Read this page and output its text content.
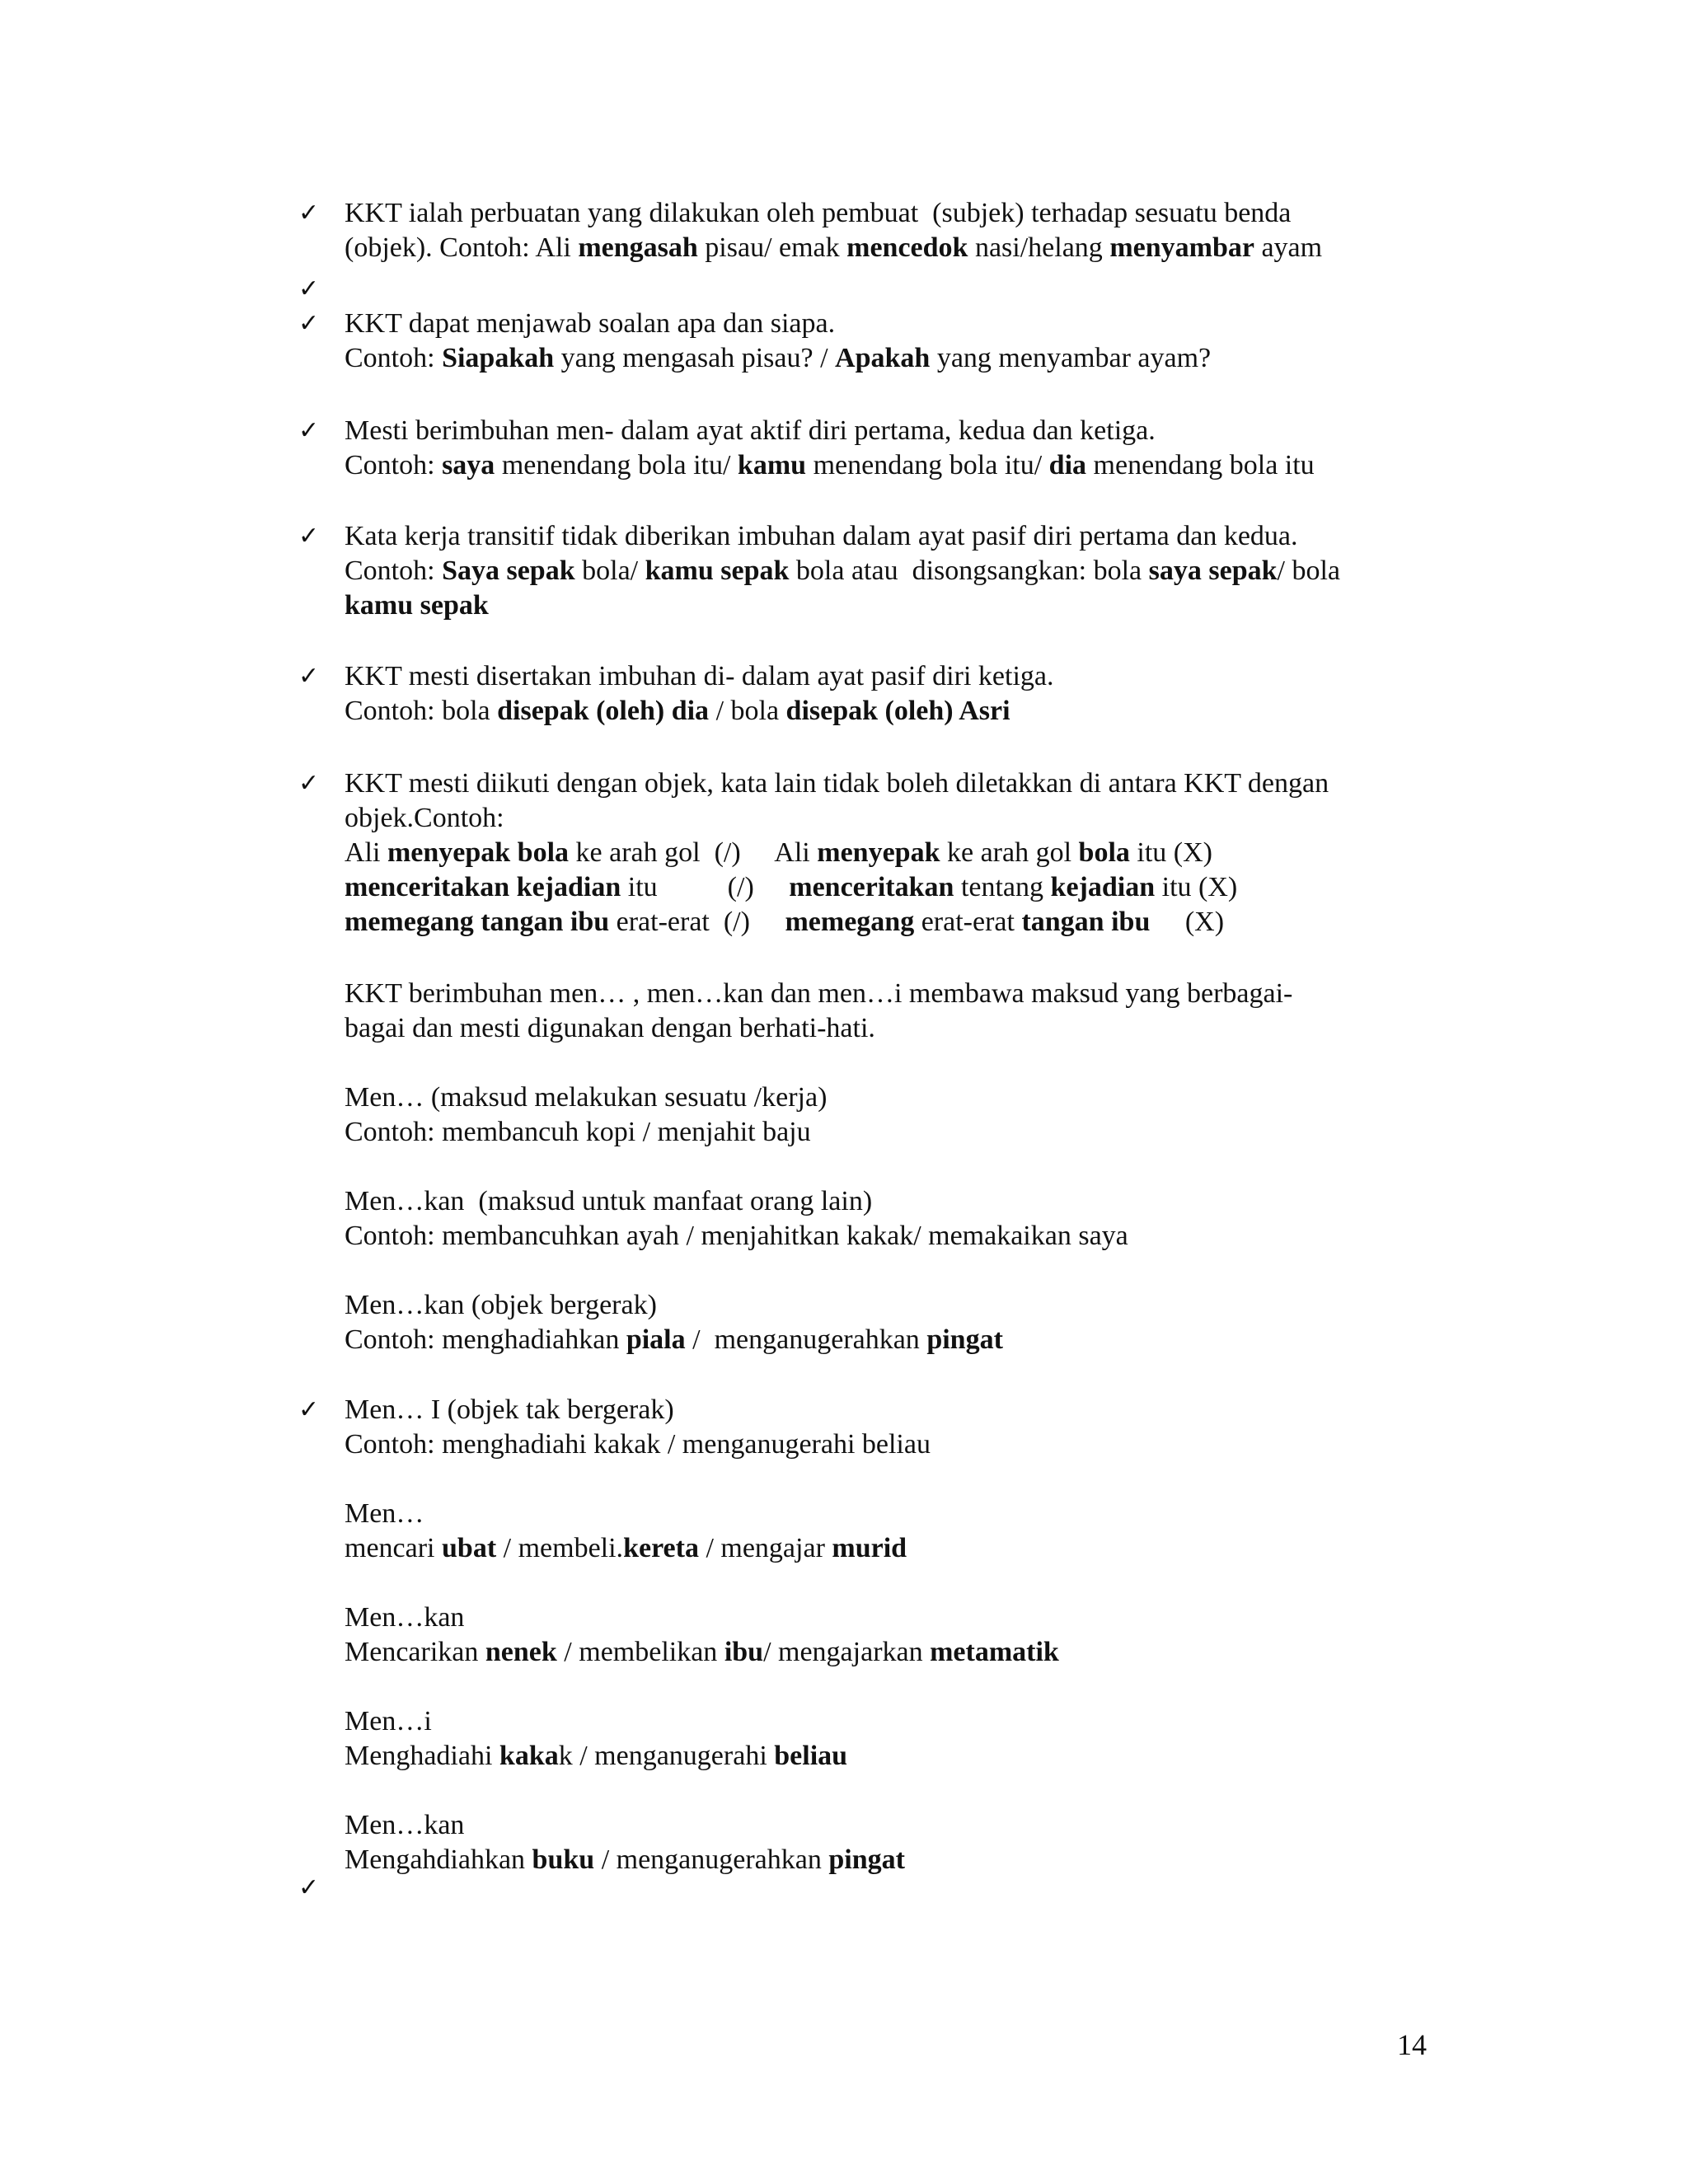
✓ KKT ialah perbuatan yang dilakukan oleh pembuat  (subjek) terhadap sesuatu benda
(objek). Contoh: Ali mengasah pisau/ emak mencedok nasi/helang menyambar ayam
✓
✓ KKT dapat menjawab soalan apa dan siapa.
Contoh: Siapakah yang mengasah pisau? / Apakah yang menyambar ayam?
✓ Mesti berimbuhan men- dalam ayat aktif diri pertama, kedua dan ketiga.
Contoh: saya menendang bola itu/ kamu menendang bola itu/ dia menendang bola itu
✓ Kata kerja transitif tidak diberikan imbuhan dalam ayat pasif diri pertama dan kedua.
Contoh: Saya sepak bola/ kamu sepak bola atau  disongsangkan: bola saya sepak/ bola
kamu sepak
✓ KKT mesti disertakan imbuhan di- dalam ayat pasif diri ketiga.
Contoh: bola disepak (oleh) dia / bola disepak (oleh) Asri
✓ KKT mesti diikuti dengan objek, kata lain tidak boleh diletakkan di antara KKT dengan
objek.Contoh:
Ali menyepak bola ke arah gol  (/)     Ali menyepak ke arah gol bola itu (X)
menceritakan kejadian itu          (/)     menceritakan tentang kejadian itu (X)
memegang tangan ibu erat-erat  (/)     memegang erat-erat tangan ibu     (X)
KKT berimbuhan men… , men…kan dan men…i membawa maksud yang berbagai-
bagai dan mesti digunakan dengan berhati-hati.
Men… (maksud melakukan sesuatu /kerja)
Contoh: membancuh kopi / menjahit baju
Men…kan  (maksud untuk manfaat orang lain)
Contoh: membancuhkan ayah / menjahitkan kakak/ memakaikan saya
Men…kan (objek bergerak)
Contoh: menghadiahkan piala /  menganugerahkan pingat
✓ Men… I (objek tak bergerak)
Contoh: menghadiahi kakak / menganugerahi beliau
Men…
mencari ubat / membeli.kereta / mengajar murid
Men…kan
Mencarikan nenek / membelikan ibu/ mengajarkan metamatik
Men…i
Menghadiahi kakak / menganugerahi beliau
Men…kan
Mengahdiahkan buku / menganugerahkan pingat
✓
14
